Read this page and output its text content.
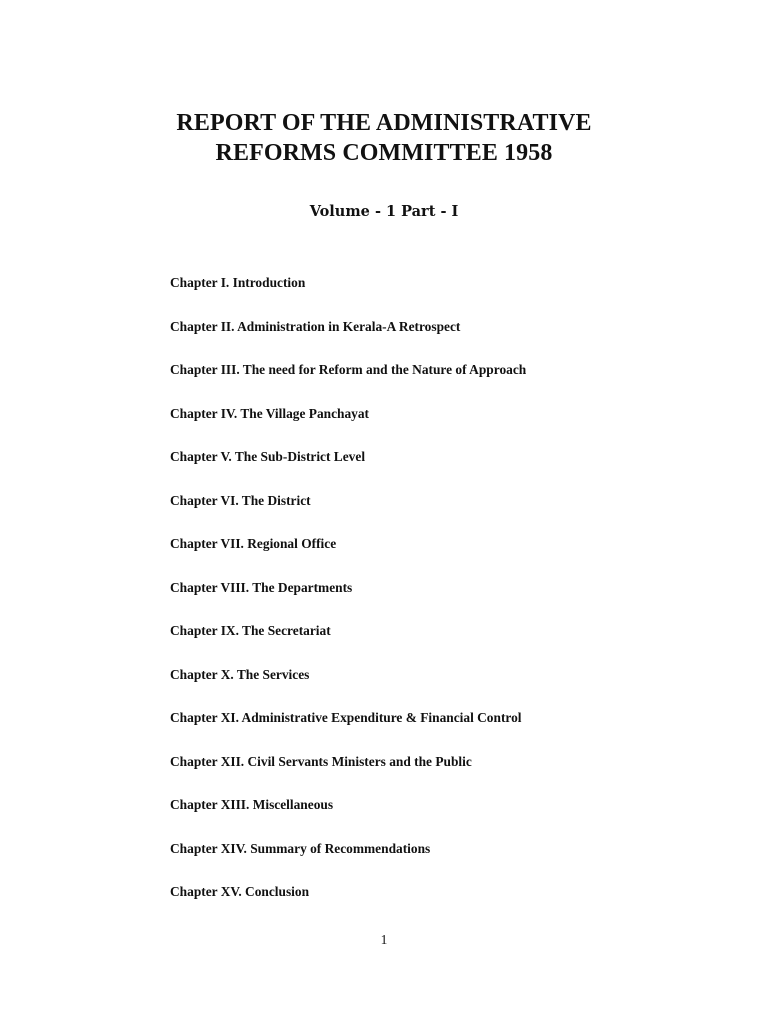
REPORT OF THE ADMINISTRATIVE
REFORMS COMMITTEE 1958
Volume - 1 Part - I
Chapter I. Introduction
Chapter II. Administration in Kerala-A Retrospect
Chapter III. The need for Reform and the Nature of Approach
Chapter IV. The Village Panchayat
Chapter V. The Sub-District Level
Chapter VI. The District
Chapter VII. Regional Office
Chapter VIII. The Departments
Chapter IX. The Secretariat
Chapter X. The Services
Chapter XI. Administrative Expenditure & Financial Control
Chapter XII. Civil Servants Ministers and the Public
Chapter XIII. Miscellaneous
Chapter XIV. Summary of Recommendations
Chapter XV. Conclusion
1
